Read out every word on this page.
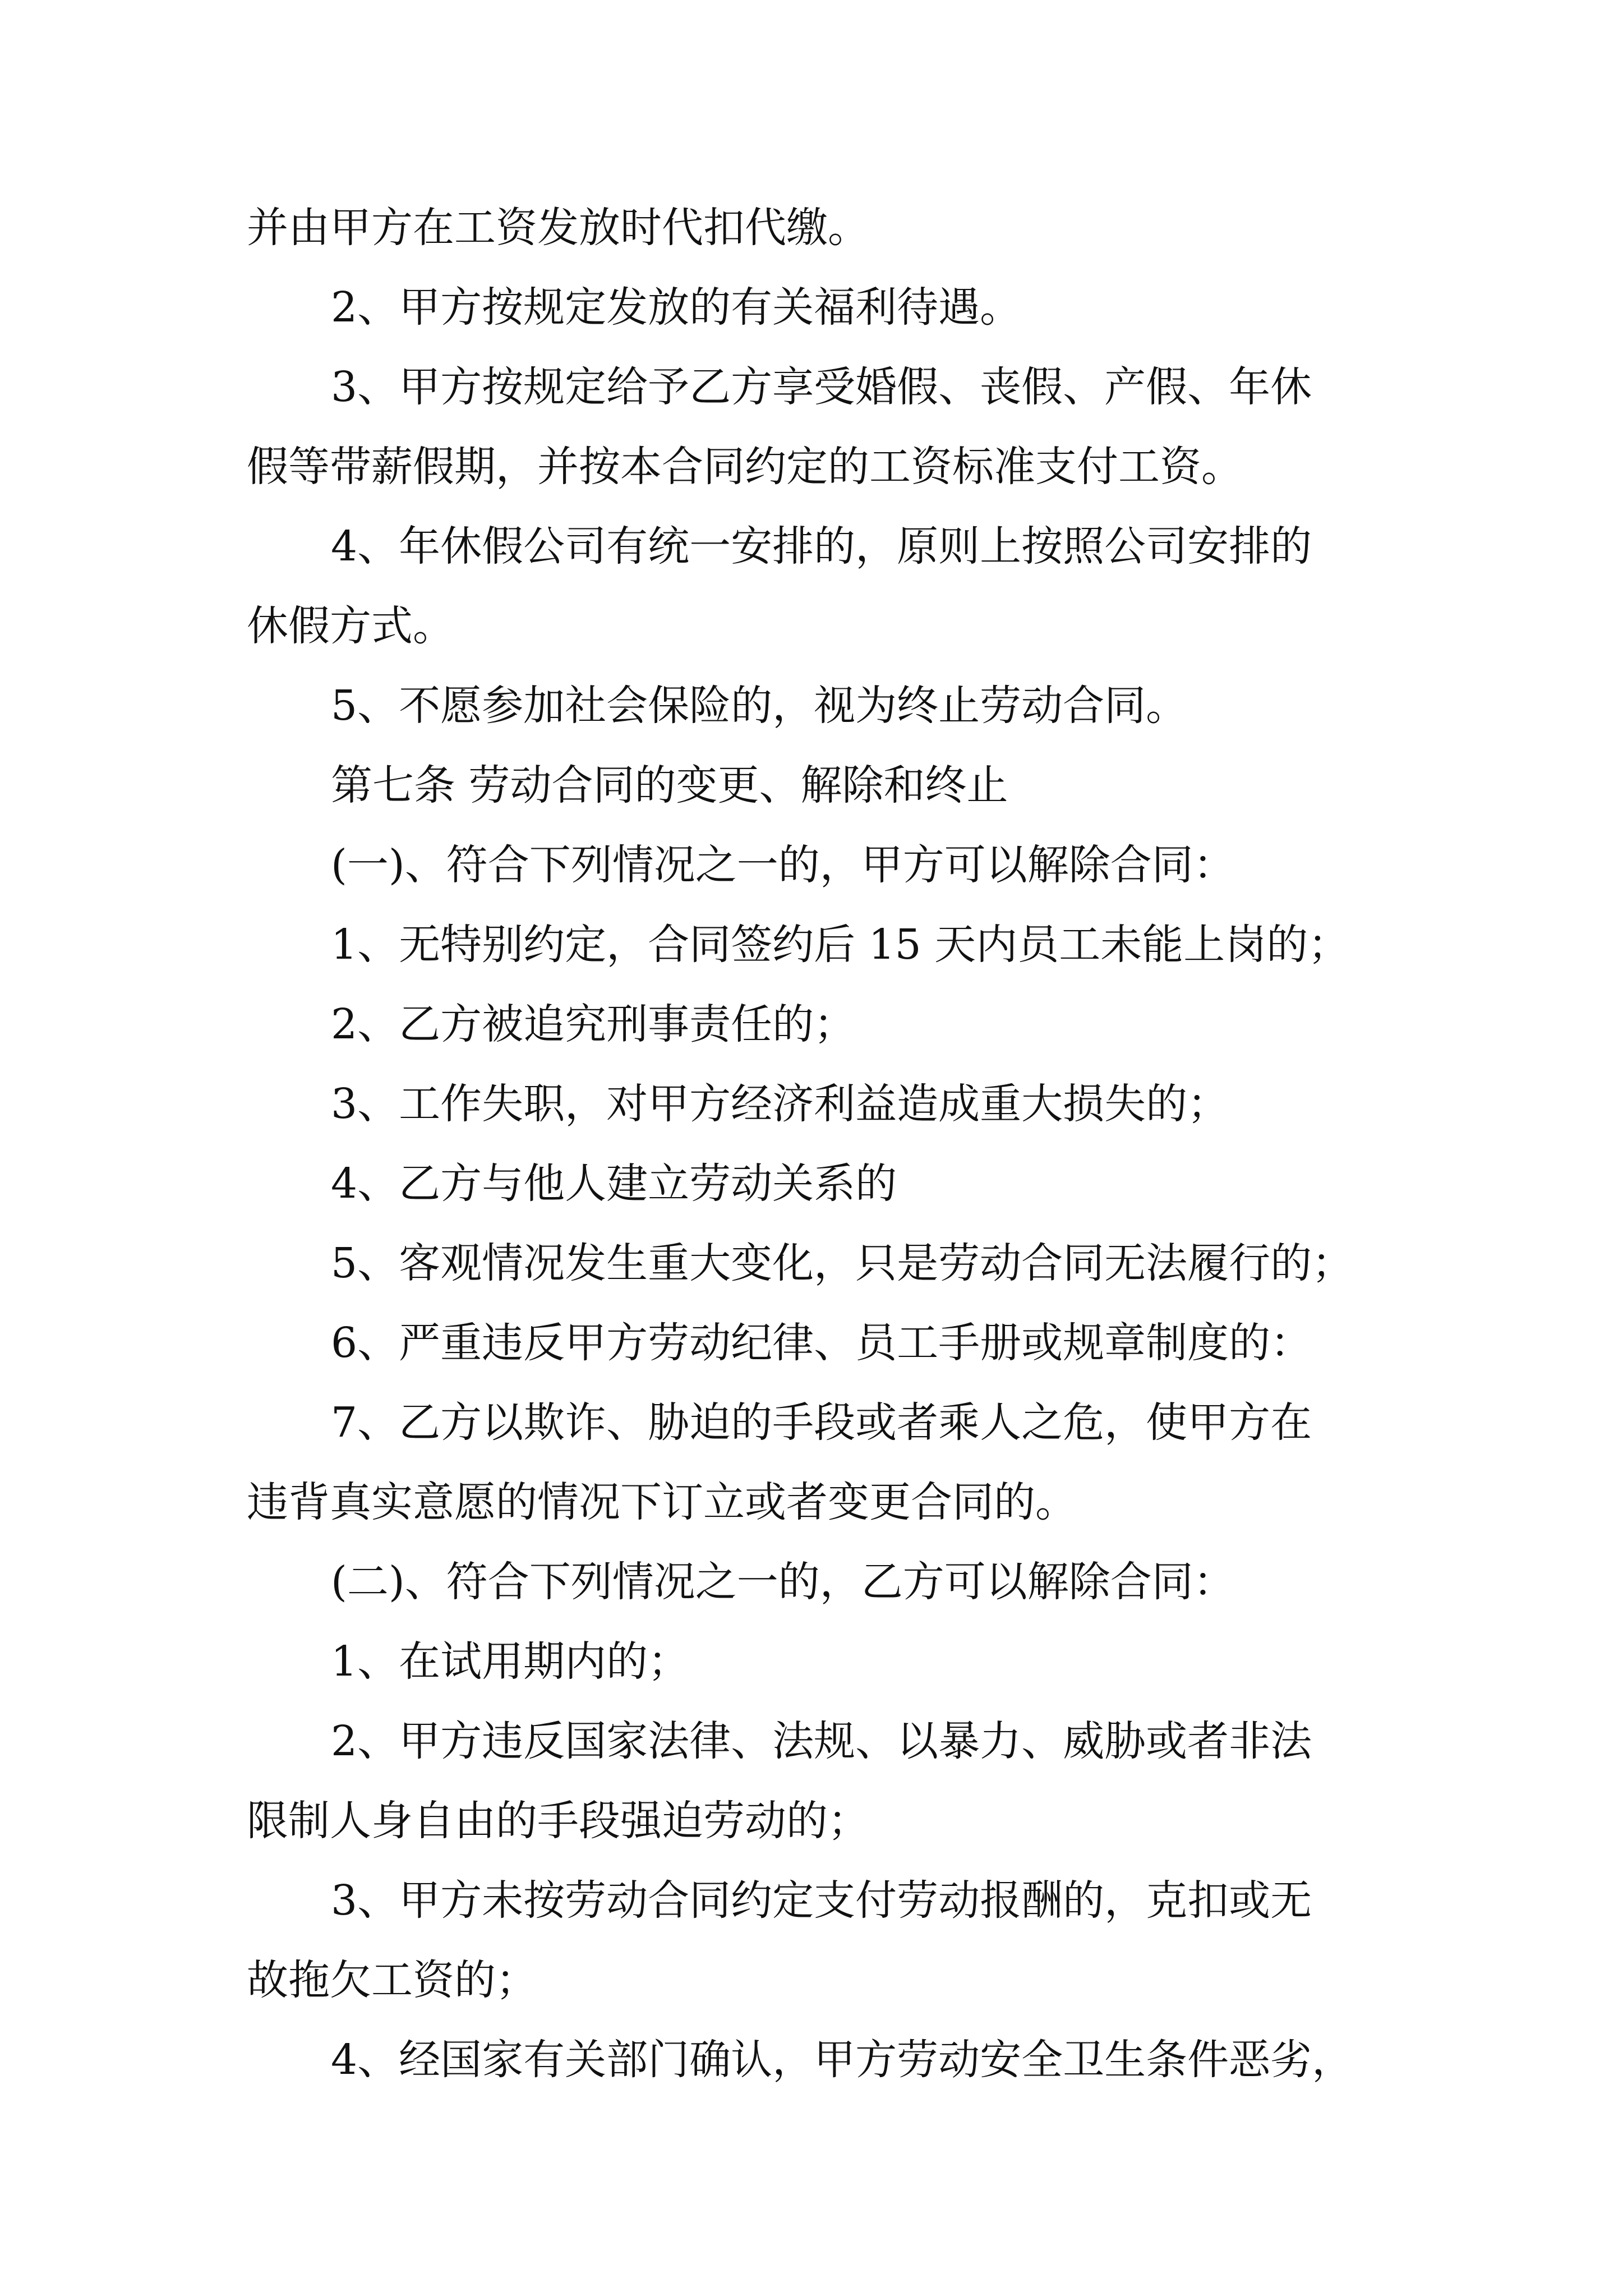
并由甲方在工资发放时代扣代缴。
2、甲方按规定发放的有关福利待遇。
3、甲方按规定给予乙方享受婚假、丧假、产假、年休
假等带薪假期，并按本合同约定的工资标准支付工资。
4、年休假公司有统一安排的，原则上按照公司安排的
休假方式。
5、不愿参加社会保险的，视为终止劳动合同。
第七条 劳动合同的变更、解除和终止
(一)、符合下列情况之一的，甲方可以解除合同：
1、无特别约定，合同签约后 15 天内员工未能上岗的；
2、乙方被追究刑事责任的；
3、工作失职，对甲方经济利益造成重大损失的；
4、乙方与他人建立劳动关系的
5、客观情况发生重大变化，只是劳动合同无法履行的；
6、严重违反甲方劳动纪律、员工手册或规章制度的：
7、乙方以欺诈、胁迫的手段或者乘人之危，使甲方在
违背真实意愿的情况下订立或者变更合同的。
(二)、符合下列情况之一的，乙方可以解除合同：
1、在试用期内的；
2、甲方违反国家法律、法规、以暴力、威胁或者非法
限制人身自由的手段强迫劳动的；
3、甲方未按劳动合同约定支付劳动报酬的，克扣或无
故拖欠工资的；
4、经国家有关部门确认，甲方劳动安全卫生条件恶劣，
